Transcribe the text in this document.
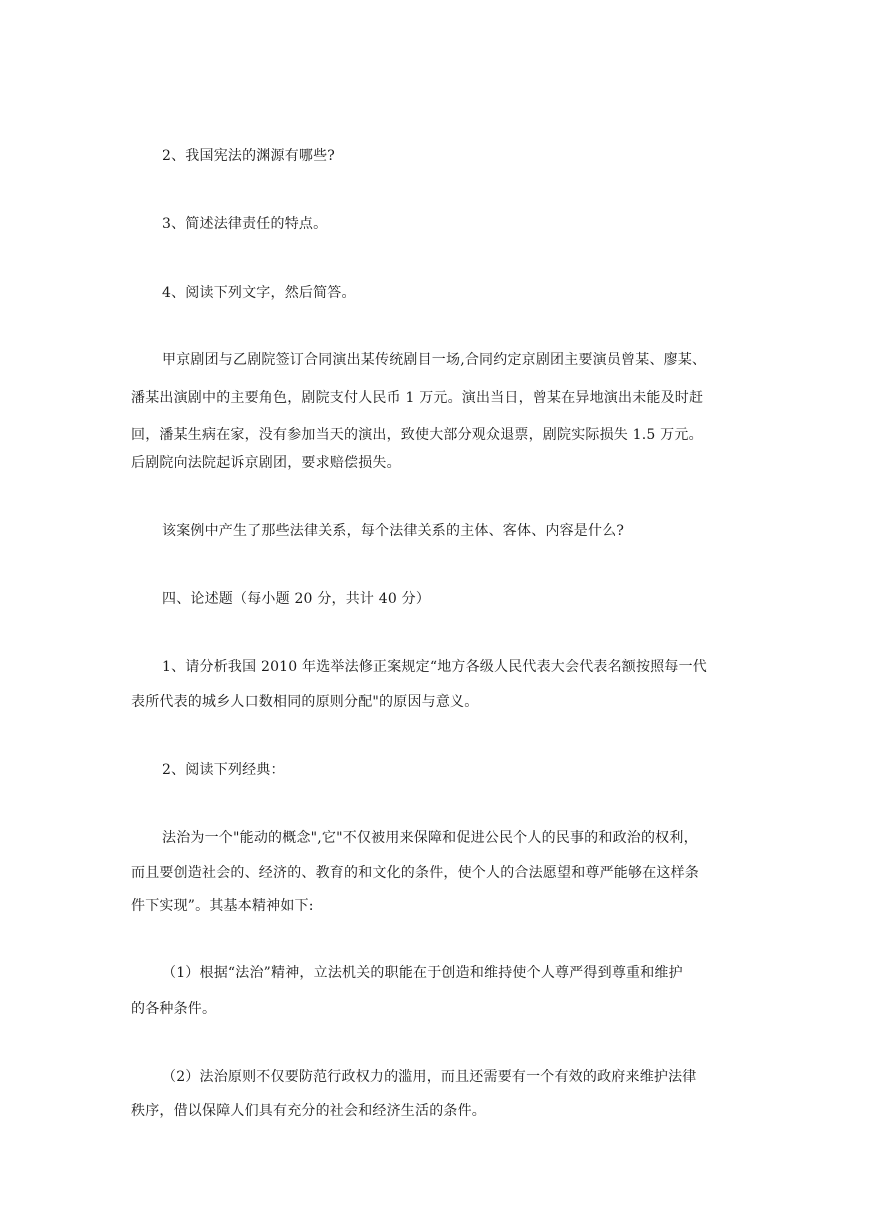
2、我国宪法的渊源有哪些?

3、简述法律责任的特点。

4、阅读下列文字，然后简答。

甲京剧团与乙剧院签订合同演出某传统剧目一场,合同约定京剧团主要演员曾某、廖某、

潘某出演剧中的主要角色，剧院支付人民币 1 万元。演出当日，曾某在异地演出未能及时赶

回，潘某生病在家，没有参加当天的演出，致使大部分观众退票，剧院实际损失 1.5 万元。

后剧院向法院起诉京剧团，要求赔偿损失。

该案例中产生了那些法律关系，每个法律关系的主体、客体、内容是什么?

四、论述题（每小题 20 分，共计 40 分）

1、请分析我国 2010 年选举法修正案规定“地方各级人民代表大会代表名额按照每一代

表所代表的城乡人口数相同的原则分配"的原因与意义。

2、阅读下列经典：

法治为一个"能动的概念",它"不仅被用来保障和促进公民个人的民事的和政治的权利，

而且要创造社会的、经济的、教育的和文化的条件，使个人的合法愿望和尊严能够在这样条

件下实现”。其基本精神如下:

（1）根据“法治”精神，立法机关的职能在于创造和维持使个人尊严得到尊重和维护

的各种条件。

（2）法治原则不仅要防范行政权力的滥用，而且还需要有一个有效的政府来维护法律

秩序，借以保障人们具有充分的社会和经济生活的条件。
